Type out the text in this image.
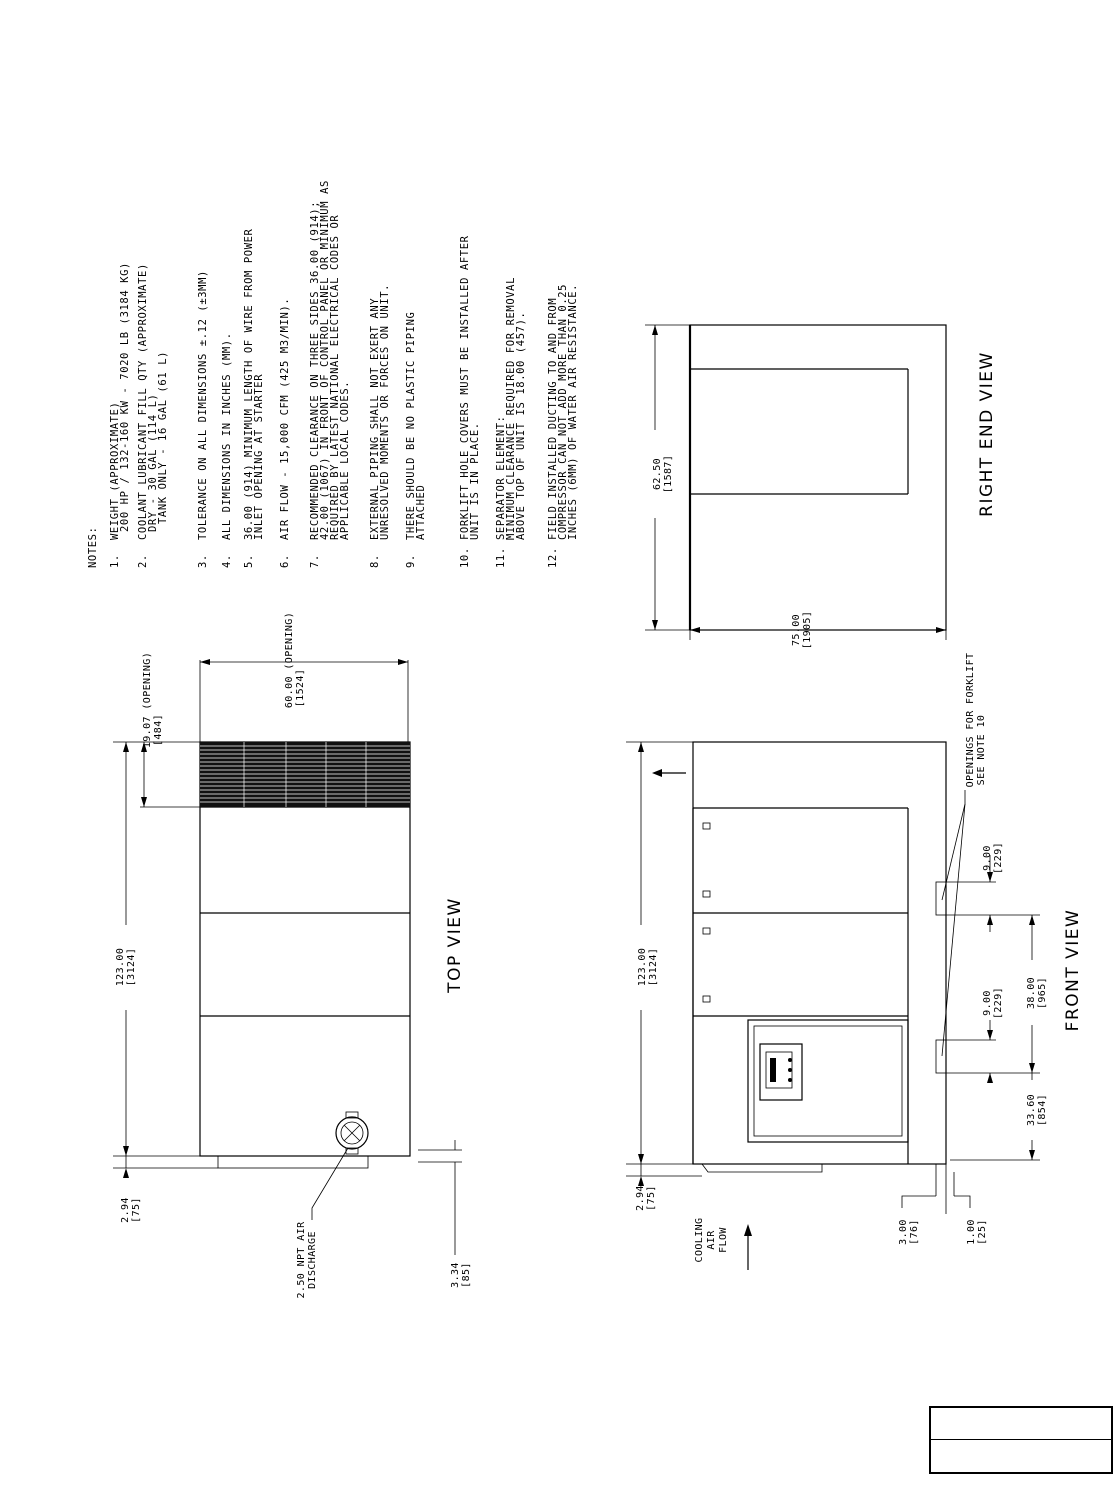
NOTES: 1.
WEIGHT (APPROXIMATE)
200 HP / 132-160 KW - 7020 LB (3184 KG)
2.
COOLANT LUBRICANT FILL QTY (APPROXIMATE)
DRY - 30 GAL (114 L)
TANK ONLY - 16 GAL (61 L)
3.
TOLERANCE ON ALL DIMENSIONS ±.12 (±3MM)
4.
ALL DIMENSIONS IN INCHES (MM).
5.
36.00 (914) MINIMUM LENGTH OF WIRE FROM POWER
INLET OPENING AT STARTER
6.
AIR FLOW - 15,000 CFM (425 M3/MIN).
7.
RECOMMENDED CLEARANCE ON THREE SIDES 36.00 (914);
42.00 (1067) IN FRONT OF CONTROL PANEL OR MINIMUM AS
REQUIRED BY LATEST NATIONAL ELECTRICAL CODES OR
APPLICABLE LOCAL CODES.
8.
EXTERNAL PIPING SHALL NOT EXERT ANY
UNRESOLVED MOMENTS OR FORCES ON UNIT.
9.
THERE SHOULD BE NO PLASTIC PIPING
ATTACHED
10.
FORKLIFT HOLE COVERS MUST BE INSTALLED AFTER
UNIT IS IN PLACE.
11.
SEPARATOR ELEMENT:
MINIMUM CLEARANCE REQUIRED FOR REMOVAL
ABOVE TOP OF UNIT IS 18.00 (457).
12.
FIELD INSTALLED DUCTING TO AND FROM
COMPRESSOR CAN NOT ADD MORE THAN 0.25
INCHES (6MM) OF WATER AIR RESISTANCE.
123.00 [3124]
2.94 [75]
19.07 (OPENING) [484]
60.00 (OPENING) [1524]
3.34 [85]
2.50 NPT AIR DISCHARGE
TOP VIEW	123.00 [3124]
2.94 [75]
9.00 [229]
9.00 [229] 38.00 [965]
33.60 [854]
3.00 [76]	1.00 [25]
OPENINGS FOR FORKLIFT SEE NOTE 10
COOLING AIR FLOW
FRONT VIEW
62.50 [1587]
75.00 [1905]
RIGHT END VIEW
